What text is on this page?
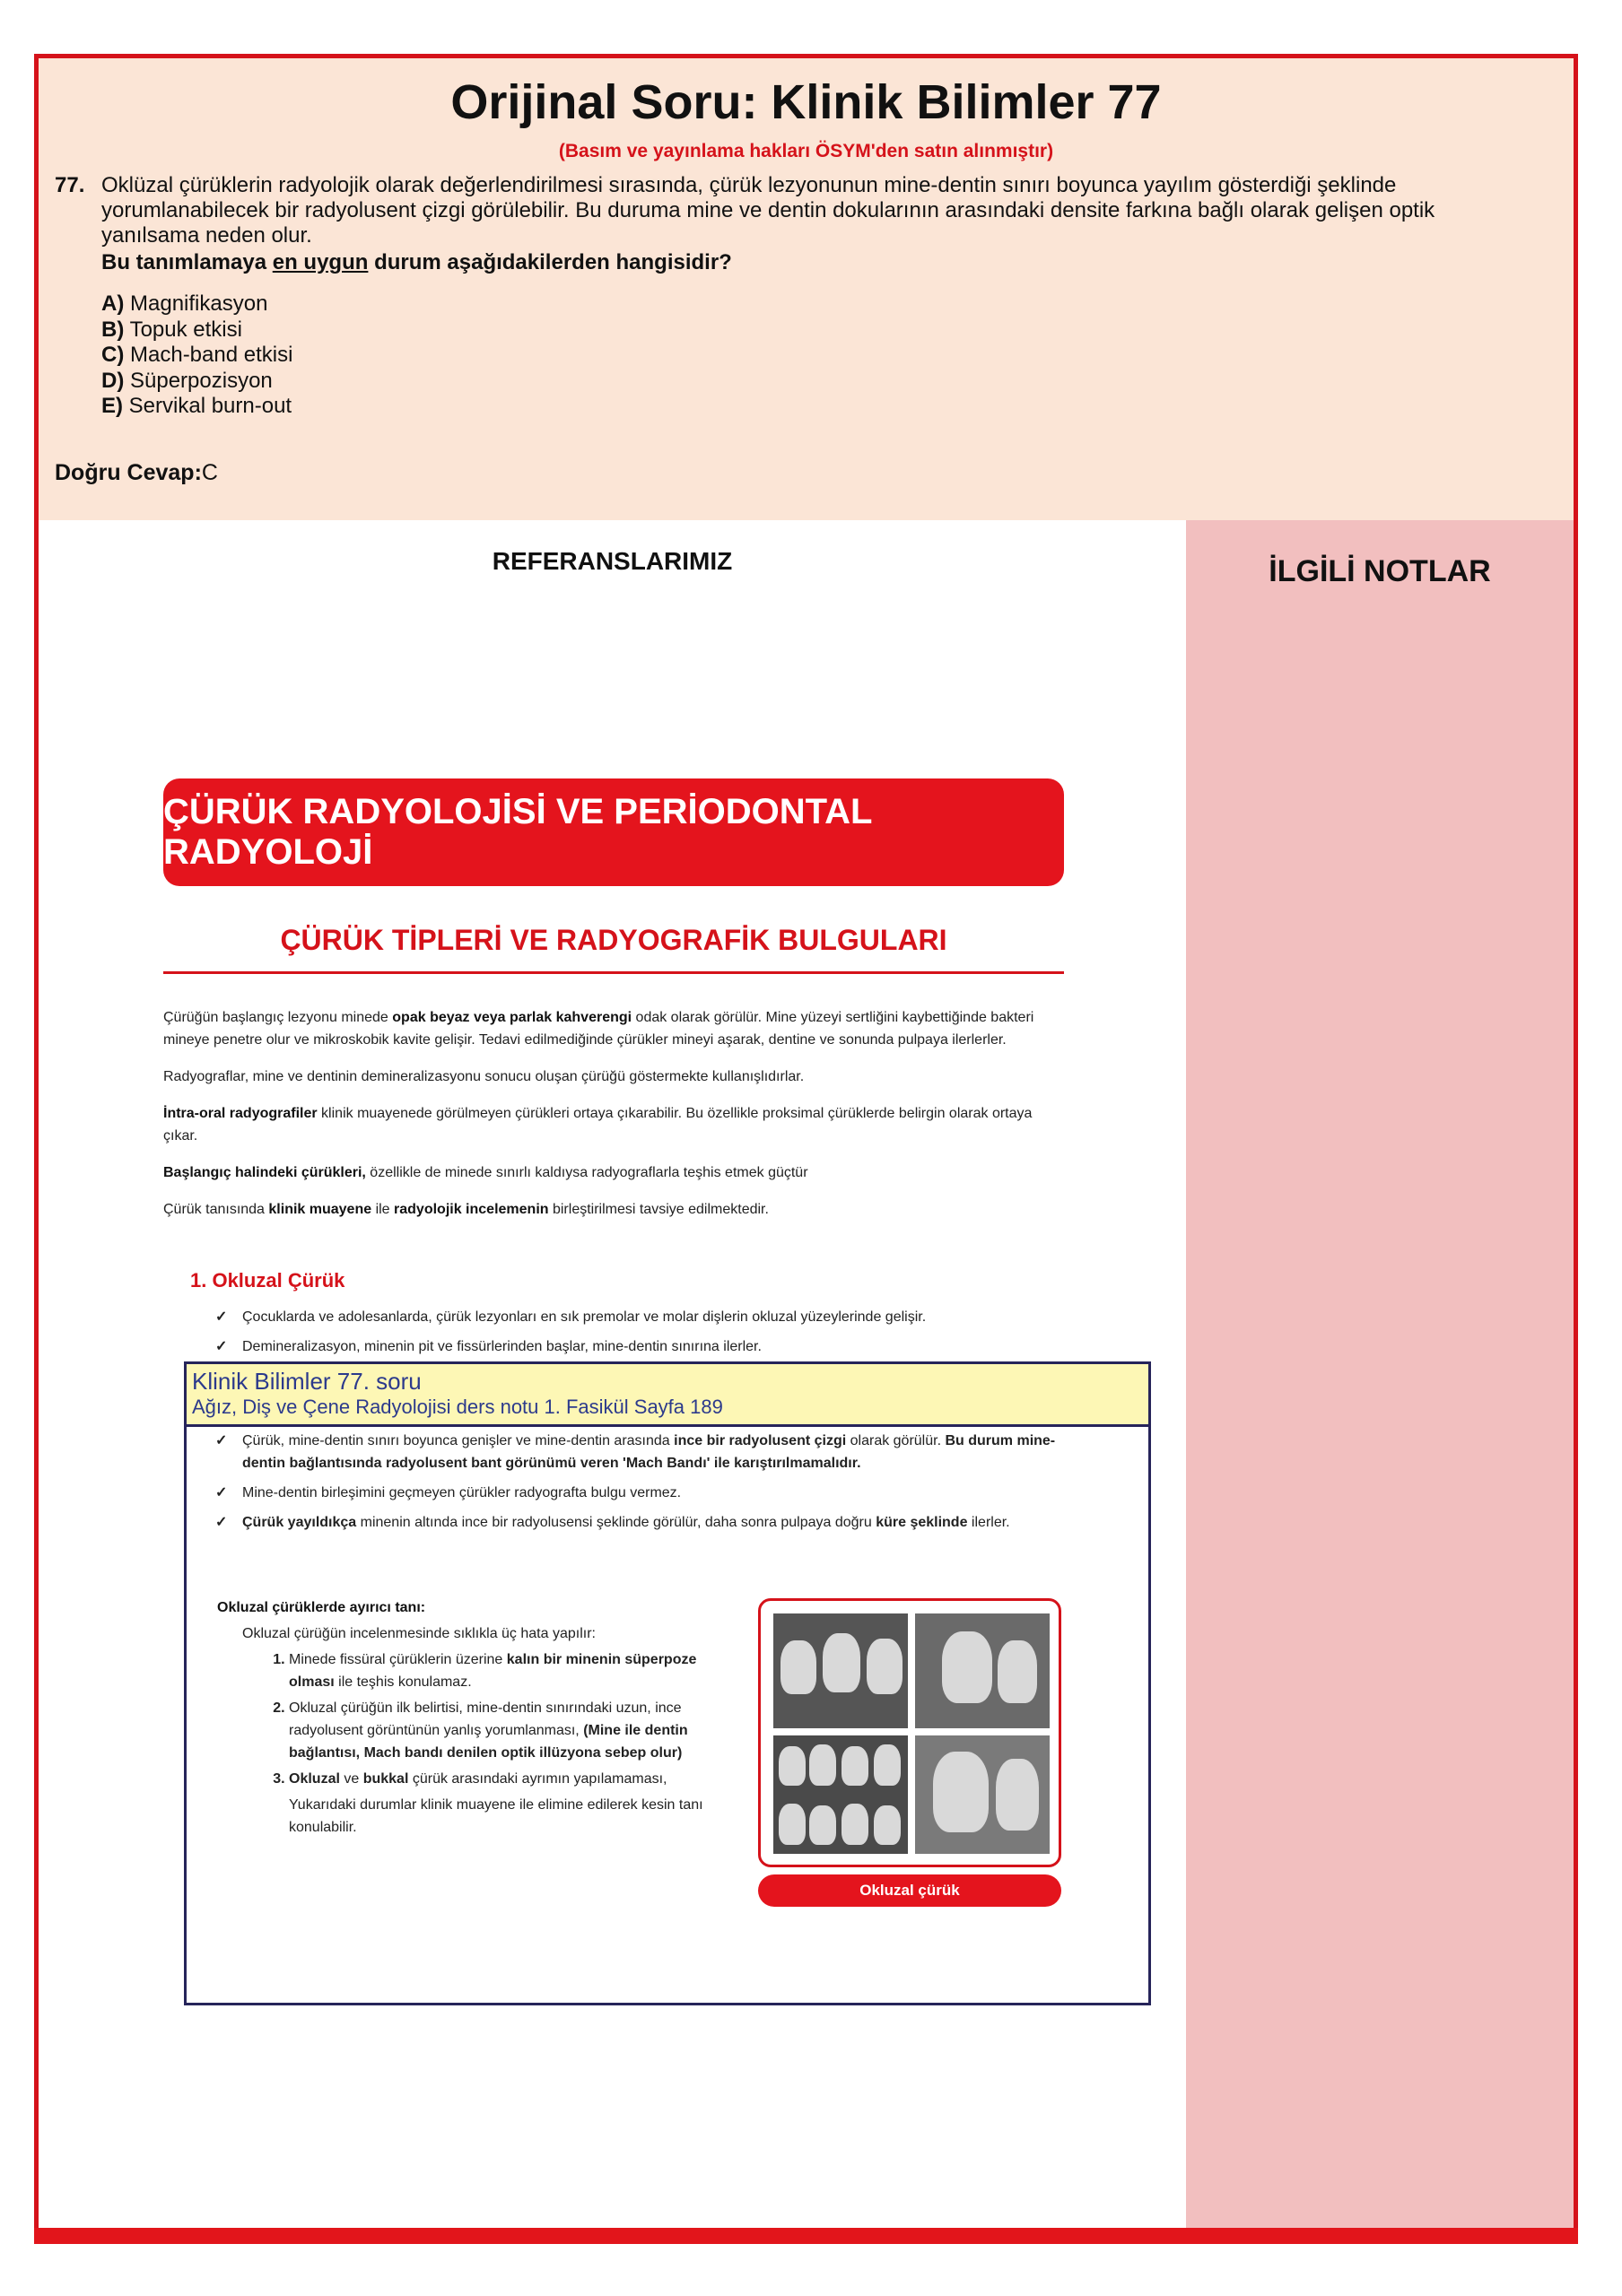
Orijinal Soru: Klinik Bilimler 77
(Basım ve yayınlama hakları ÖSYM'den satın alınmıştır)
77. Oklüzal çürüklerin radyolojik olarak değerlendirilmesi sırasında, çürük lezyonunun mine-dentin sınırı boyunca yayılım gösterdiği şeklinde yorumlanabilecek bir radyolusent çizgi görülebilir. Bu duruma mine ve dentin dokularının arasındaki densite farkına bağlı olarak gelişen optik yanılsama neden olur.
Bu tanımlamaya en uygun durum aşağıdakilerden hangisidir?
A) Magnifikasyon
B) Topuk etkisi
C) Mach-band etkisi
D) Süperpozisyon
E) Servikal burn-out
Doğru Cevap:C
REFERANSLARIMIZ	İLGİLİ NOTLAR
ÇÜRÜK RADYOLOJİSİ VE PERİODONTAL RADYOLOJİ
ÇÜRÜK TİPLERİ VE RADYOGRAFİK BULGULARI

Çürüğün başlangıç lezyonu minede opak beyaz veya parlak kahverengi odak olarak görülür. Mine yüzeyi sertliğini kaybettiğinde bakteri mineye penetre olur ve mikroskobik kavite gelişir. Tedavi edilmediğinde çürükler mineyi aşarak, dentine ve sonunda pulpaya ilerlerler.

Radyograflar, mine ve dentinin demineralizasyonu sonucu oluşan çürüğü göstermekte kullanışlıdırlar.

İntra-oral radyografiler klinik muayenede görülmeyen çürükleri ortaya çıkarabilir. Bu özellikle proksimal çürüklerde belirgin olarak ortaya çıkar.

Başlangıç halindeki çürükleri, özellikle de minede sınırlı kaldıysa radyograflarla teşhis etmek güçtür

Çürük tanısında klinik muayene ile radyolojik incelemenin birleştirilmesi tavsiye edilmektedir.

1. Okluzal Çürük
✓ Çocuklarda ve adolesanlarda, çürük lezyonları en sık premolar ve molar dişlerin okluzal yüzeylerinde gelişir.
✓ Demineralizasyon, minenin pit ve fissürlerinden başlar, mine-dentin sınırına ilerler.
✓ Çürük, mine-dentin sınırı boyunca genişler ve mine-dentin arasında ince bir radyolusent çizgi olarak görülür. Bu durum mine-dentin bağlantısında radyolusent bant görünümü veren 'Mach Bandı' ile karıştırılmamalıdır.
✓ Mine-dentin birleşimini geçmeyen çürükler radyografta bulgu vermez.
✓ Çürük yayıldıkça minenin altında ince bir radyolusensi şeklinde görülür, daha sonra pulpaya doğru küre şeklinde ilerler.
Okluzal çürüklerde ayırıcı tanı:
Okluzal çürüğün incelenmesinde sıklıkla üç hata yapılır:
1. Minede fissüral çürüklerin üzerine kalın bir minenin süperpoze olması ile teşhis konulamaz.
2. Okluzal çürüğün ilk belirtisi, mine-dentin sınırındaki uzun, ince radyolusent görüntünün yanlış yorumlanması, (Mine ile dentin bağlantısı, Mach bandı denilen optik illüzyona sebep olur)
3. Okluzal ve bukkal çürük arasındaki ayrımın yapılamaması,
Yukarıdaki durumlar klinik muayene ile elimine edilerek kesin tanı konulabilir.
Okluzal çürük
Klinik Bilimler 77. soru
Ağız, Diş ve Çene Radyolojisi ders notu 1. Fasikül Sayfa 189
